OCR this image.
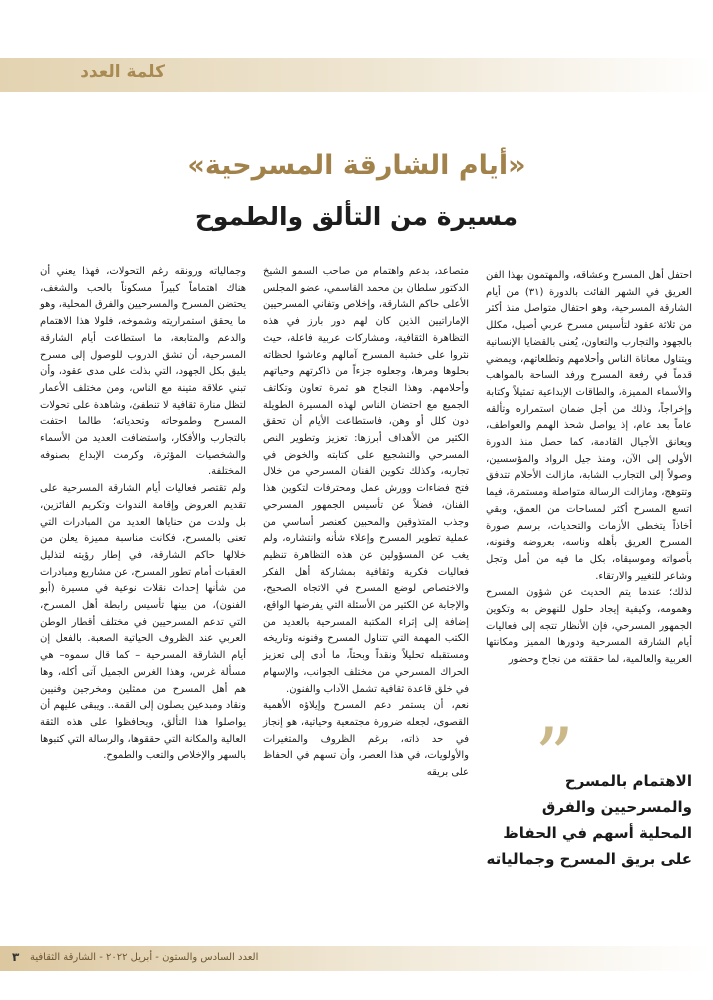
كلمة العدد
«أيام الشارقة المسرحية»
مسيرة من التألق والطموح

احتفل أهل المسرح وعشاقه، والمهتمون بهذا الفن العريق في الشهر الفائت بالدورة (٣١) من أيام الشارقة المسرحية، وهو احتفال متواصل منذ أكثر من ثلاثة عقود لتأسيس مسرح عربي أصيل، مكلل بالجهود والتجارب والتعاون، يُعنى بالقضايا الإنسانية ويتناول معاناة الناس وأحلامهم وتطلعاتهم، ويمضي قدماً في رفعة المسرح ورفد الساحة بالمواهب والأسماء المميزة، والطاقات الإبداعية تمثيلاً وكتابة وإخراجاً، وذلك من أجل ضمان استمراره وتألقه عاماً بعد عام، إذ يواصل شحذ الهمم والعواطف، ويعانق الأجيال القادمة، كما حصل منذ الدورة الأولى إلى الآن، ومنذ جيل الرواد والمؤسسين، وصولاً إلى التجارب الشابة، مازالت الأحلام تتدفق وتتوهج، ومازالت الرسالة متواصلة ومستمرة، فيما اتسع المسرح أكثر لمساحات من العمق، وبقي أخاذاً يتخطى الأزمات والتحديات، برسم صورة المسرح العريق بأهله وناسه، بعروضه وفنونه، بأصواته وموسيقاه، بكل ما فيه من أمل وتجل وشاعر للتغيير والارتقاء.

لذلك؛ عندما يتم الحديث عن شؤون المسرح وهمومه، وكيفية إيجاد حلول للنهوض به وتكوين الجمهور المسرحي، فإن الأنظار تتجه إلى فعاليات أيام الشارقة المسرحية ودورها المميز ومكانتها العربية والعالمية، لما حققته من نجاح وحضور

متصاعد، بدعم واهتمام من صاحب السمو الشيخ الدكتور سلطان بن محمد القاسمي، عضو المجلس الأعلى حاكم الشارقة، وإخلاص وتفاني المسرحيين الإماراتيين الذين كان لهم دور بارز في هذه التظاهرة الثقافية، ومشاركات عربية فاعلة، حيث نثروا على خشبة المسرح آمالهم وعاشوا لحظاته بحلوها ومرها، وجعلوه جزءاً من ذاكرتهم وحياتهم وأحلامهم. وهذا النجاح هو ثمرة تعاون وتكاتف الجميع مع احتضان الناس لهذه المسيرة الطويلة دون كلل أو وهن، فاستطاعت الأيام أن تحقق الكثير من الأهداف أبرزها: تعزيز وتطوير النص المسرحي والتشجيع على كتابته والخوض في تجاربه، وكذلك تكوين الفنان المسرحي من خلال فتح فضاءات وورش عمل ومحترفات لتكوين هذا الفنان، فضلاً عن تأسيس الجمهور المسرحي وجذب المتذوقين والمحبين كعنصر أساسي من عملية تطوير المسرح وإعلاء شأنه وانتشاره، ولم يغب عن المسؤولين عن هذه التظاهرة تنظيم فعاليات فكرية وثقافية بمشاركة أهل الفكر والاختصاص لوضع المسرح في الاتجاه الصحيح، والإجابة عن الكثير من الأسئلة التي يفرضها الواقع، إضافة إلى إثراء المكتبة المسرحية بالعديد من الكتب المهمة التي تتناول المسرح وفنونه وتاريخه ومستقبله تحليلاً ونقداً وبحثاً، ما أدى إلى تعزيز الحراك المسرحي من مختلف الجوانب، والإسهام في خلق قاعدة ثقافية تشمل الآداب والفنون.

نعم، أن يستمر دعم المسرح وإيلاؤه الأهمية القصوى، لجعله ضرورة مجتمعية وحياتية، هو إنجاز في حد ذاته، برغم الظروف والمتغيرات والأولويات، في هذا العصر، وأن تسهم في الحفاظ على بريقه

وجمالياته ورونقه رغم التحولات، فهذا يعني أن هناك اهتماماً كبيراً مسكوناً بالحب والشغف، يحتضن المسرح والمسرحيين والفرق المحلية، وهو ما يحقق استمراريته وشموخه، فلولا هذا الاهتمام والدعم والمتابعة، ما استطاعت أيام الشارقة المسرحية، أن تشق الدروب للوصول إلى مسرح يليق بكل الجهود، التي بذلت على مدى عقود، وأن تبني علاقة متينة مع الناس، ومن مختلف الأعمار لتظل منارة ثقافية لا تنطفئ، وشاهدة على تحولات المسرح وطموحاته وتحدياته؛ طالما احتفت بالتجارب والأفكار، واستضافت العديد من الأسماء والشخصيات المؤثرة، وكرمت الإبداع بصنوفه المختلفة.

ولم تقتصر فعاليات أيام الشارقة المسرحية على تقديم العروض وإقامة الندوات وتكريم الفائزين، بل ولدت من حناياها العديد من المبادرات التي تعنى بالمسرح، فكانت مناسبة مميزة يعلن من خلالها حاكم الشارقة، في إطار رؤيته لتذليل العقبات أمام تطور المسرح، عن مشاريع ومبادرات من شأنها إحداث نقلات نوعية في مسيرة (أبو الفنون)، من بينها تأسيس رابطة أهل المسرح، التي تدعم المسرحيين في مختلف أقطار الوطن العربي عند الظروف الحياتية الصعبة. بالفعل إن أيام الشارقة المسرحية – كما قال سموه– هي مسألة غرس، وهذا الغرس الجميل آتى أكله، وها هم أهل المسرح من ممثلين ومخرجين وفنيين ونقاد ومبدعين يصلون إلى القمة.. ويبقى عليهم أن يواصلوا هذا التألق، ويحافظوا على هذه الثقة العالية والمكانة التي حققوها، والرسالة التي كتبوها بالسهر والإخلاص والتعب والطموح.	”
الاهتمام بالمسرح والمسرحيين والفرق المحلية أسهم في الحفاظ على بريق المسرح وجمالياته
العدد السادس والستون - أبريل ٢٠٢٢ - الشارقة الثقافية
٣
